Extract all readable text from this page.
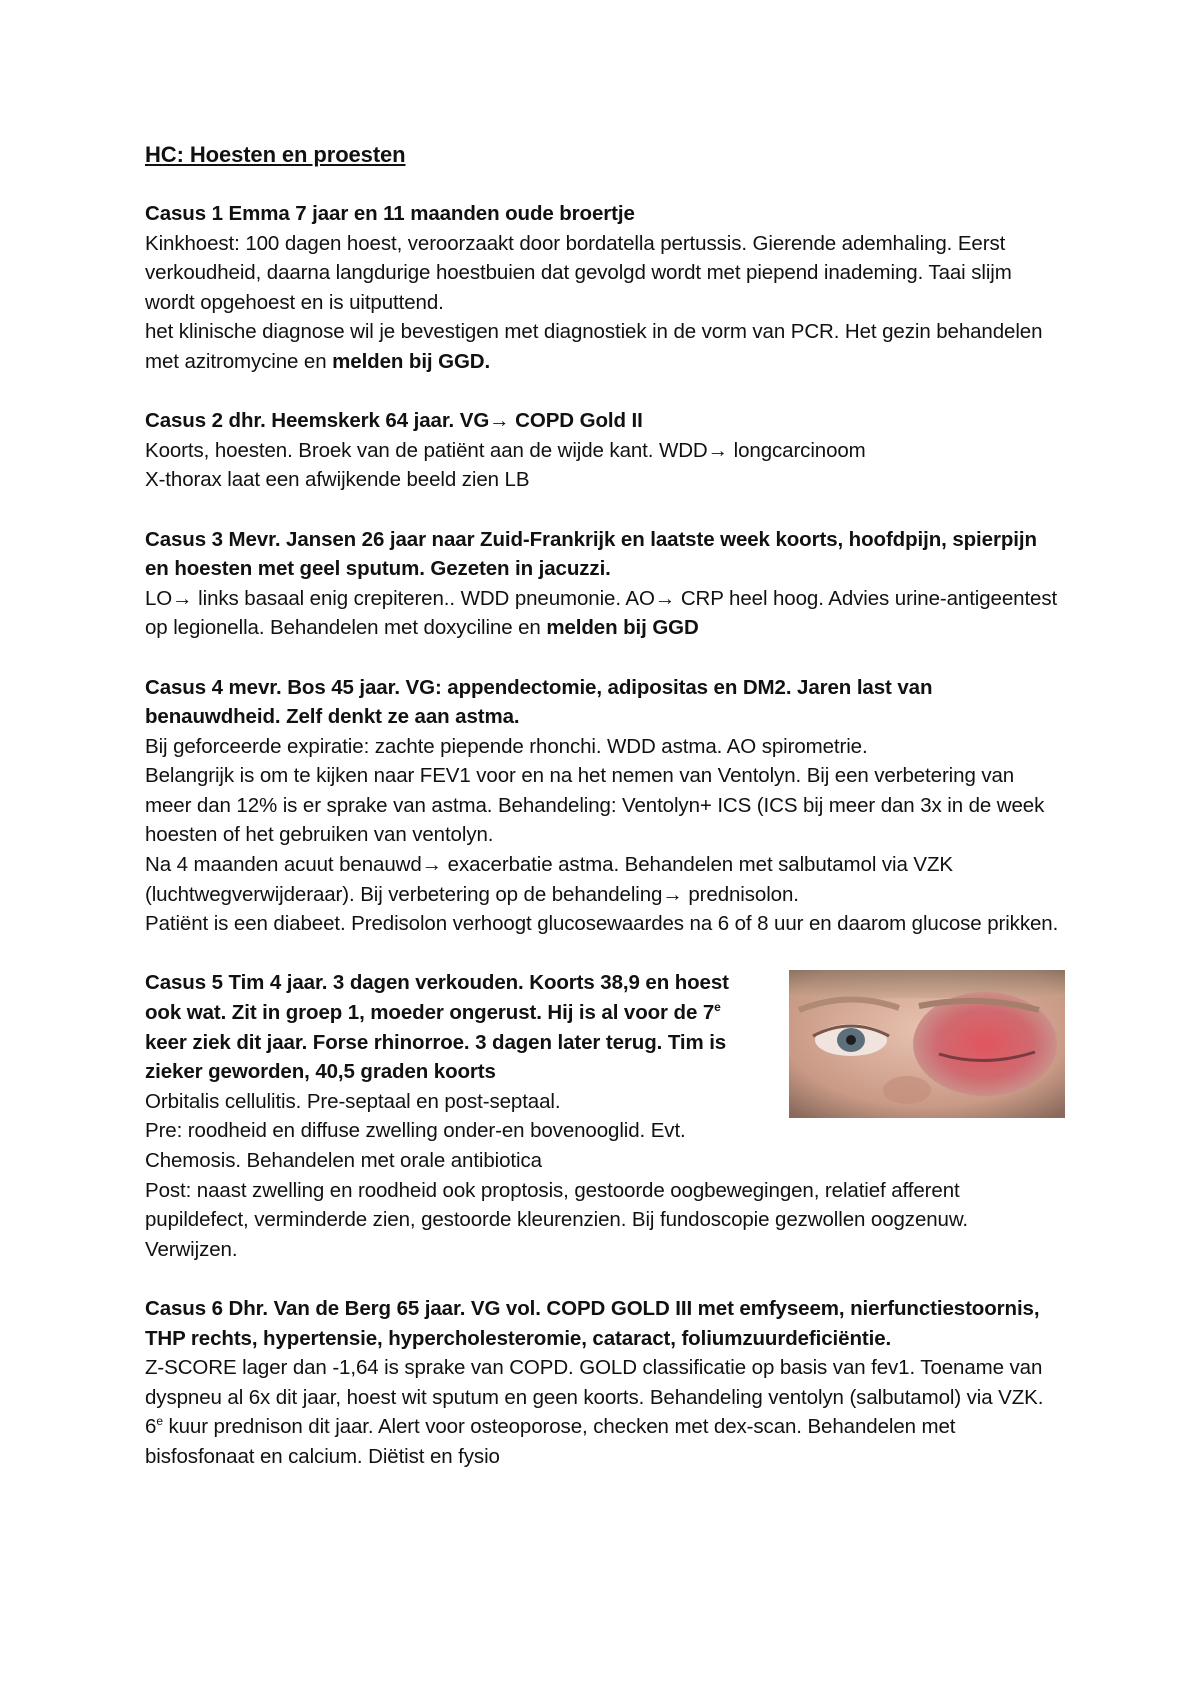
HC: Hoesten en proesten

Casus 1 Emma 7 jaar en 11 maanden oude broertje

Kinkhoest: 100 dagen hoest, veroorzaakt door bordatella pertussis. Gierende ademhaling. Eerst verkoudheid, daarna langdurige hoestbuien dat gevolgd wordt met piepend inademing. Taai slijm wordt opgehoest en is uitputtend.

het klinische diagnose wil je bevestigen met diagnostiek in de vorm van PCR. Het gezin behandelen met azitromycine en melden bij GGD.

Casus 2 dhr. Heemskerk 64 jaar. VG→ COPD Gold II

Koorts, hoesten. Broek van de patiënt aan de wijde kant. WDD→ longcarcinoom

X-thorax laat een afwijkende beeld zien LB

Casus 3 Mevr. Jansen 26 jaar naar Zuid-Frankrijk en laatste week koorts, hoofdpijn, spierpijn en hoesten met geel sputum. Gezeten in jacuzzi.

LO→ links basaal enig crepiteren.. WDD pneumonie. AO→ CRP heel hoog. Advies urine-antigeentest op legionella. Behandelen met doxyciline en melden bij GGD

Casus 4 mevr. Bos 45 jaar. VG: appendectomie, adipositas en DM2. Jaren last van benauwdheid. Zelf denkt ze aan astma.

Bij geforceerde expiratie: zachte piepende rhonchi. WDD astma. AO spirometrie.

Belangrijk is om te kijken naar FEV1 voor en na het nemen van Ventolyn. Bij een verbetering van meer dan 12% is er sprake van astma. Behandeling: Ventolyn+ ICS (ICS bij meer dan 3x in de week hoesten of het gebruiken van ventolyn.

Na 4 maanden acuut benauwd→ exacerbatie astma. Behandelen met salbutamol via VZK (luchtwegverwijderaar). Bij verbetering op de behandeling→ prednisolon.

Patiënt is een diabeet. Predisolon verhoogt glucosewaardes na 6 of 8 uur en daarom glucose prikken.

Casus 5 Tim 4 jaar. 3 dagen verkouden. Koorts 38,9 en hoest ook wat. Zit in groep 1, moeder ongerust. Hij is al voor de 7e keer ziek dit jaar. Forse rhinorroe. 3 dagen later terug. Tim is zieker geworden, 40,5 graden koorts

Orbitalis cellulitis. Pre-septaal en post-septaal.

Pre: roodheid en diffuse zwelling onder-en bovenooglid. Evt. Chemosis. Behandelen met orale antibiotica

Post: naast zwelling en roodheid ook proptosis, gestoorde oogbewegingen, relatief afferent pupildefect, verminderde zien, gestoorde kleurenzien. Bij fundoscopie gezwollen oogzenuw. Verwijzen.

Casus 6 Dhr. Van de Berg 65 jaar. VG vol. COPD GOLD III met emfyseem, nierfunctiestoornis, THP rechts, hypertensie, hypercholesteromie, cataract, foliumzuurdeficiëntie.

Z-SCORE lager dan -1,64 is sprake van COPD. GOLD classificatie op basis van fev1. Toename van dyspneu al 6x dit jaar, hoest wit sputum en geen koorts. Behandeling ventolyn (salbutamol) via VZK. 6e kuur prednison dit jaar. Alert voor osteoporose, checken met dex-scan. Behandelen met bisfosfonaat en calcium. Diëtist en fysio
